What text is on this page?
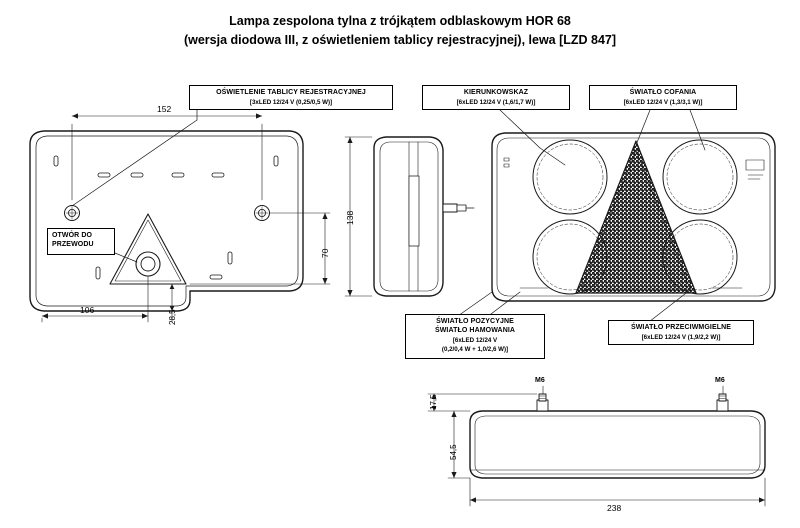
Lampa zespolona tylna z trójkątem odblaskowym HOR 68
(wersja diodowa III, z oświetleniem tablicy rejestracyjnej), lewa [LZD 847]
OŚWIETLENIE TABLICY REJESTRACYJNEJ
[3xLED 12/24 V (0,25/0,5 W)]
KIERUNKOWSKAZ
[6xLED 12/24 V (1,6/1,7 W)]
ŚWIATŁO COFANIA
[6xLED 12/24 V (1,3/3,1 W)]
OTWÓR DO
PRZEWODU
ŚWIATŁO POZYCYJNE
ŚWIATŁO HAMOWANIA
[6xLED 12/24 V
(0,2/0,4 W + 1,0/2,6 W)]
ŚWIATŁO PRZECIWMGIELNE
[6xLED 12/24 V (1,9/2,2 W)]
152
106
70
28,5
138
17,5
54,5
238
M6	M6
